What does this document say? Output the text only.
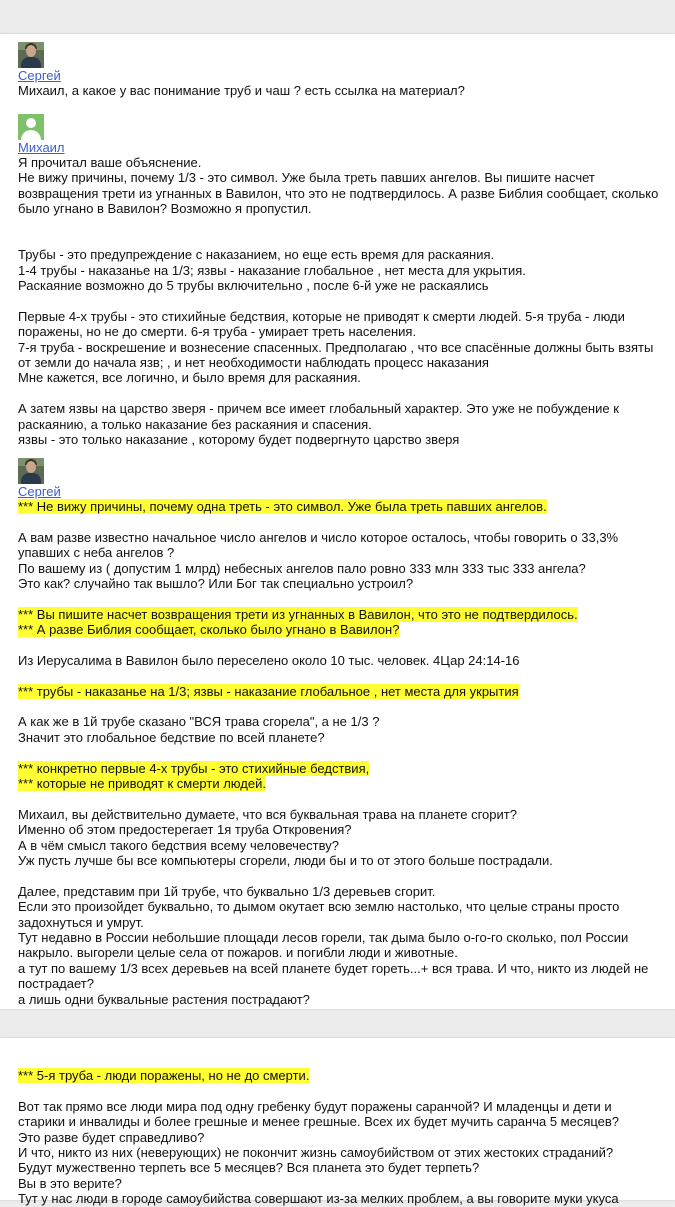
Сергей
Михаил, а какое у вас понимание труб и чаш ? есть ссылка на материал?
Михаил
Я прочитал ваше объяснение.
Не вижу причины, почему 1/3 - это символ. Уже была треть павших ангелов. Вы пишите насчет
возвращения трети из угнанных в Вавилон, что это не подтвердилось. А разве Библия сообщает, сколько
было угнано в Вавилон? Возможно я пропустил.
Трубы - это предупреждение с наказанием, но еще есть время для раскаяния.
1-4 трубы - наказанье на 1/3; язвы - наказание глобальное , нет места для укрытия.
Раскаяние возможно до 5 трубы включительно , после 6-й уже не раскаялись
Первые 4-х трубы - это стихийные бедствия, которые не приводят к смерти людей. 5-я труба - люди
поражены, но не до смерти. 6-я труба - умирает треть населения.
7-я труба - воскрешение и вознесение спасенных. Предполагаю , что все спасённые должны быть взяты
от земли до начала язв; , и нет необходимости наблюдать процесс наказания
Мне кажется, все логично, и было время для раскаяния.
А затем язвы на царство зверя - причем все имеет глобальный характер. Это уже не побуждение к
раскаянию, а только наказание без раскаяния и спасения.
язвы - это только наказание , которому будет подвергнуто царство зверя
Сергей
*** Не вижу причины, почему одна треть - это символ. Уже была треть павших ангелов.
А вам разве известно начальное число ангелов и число которое осталось, чтобы говорить о 33,3%
упавших с неба ангелов ?
По вашему из ( допустим 1 млрд) небесных ангелов пало ровно 333 млн 333 тыс 333 ангела?
Это как? случайно так вышло? Или Бог так специально устроил?
*** Вы пишите насчет возвращения трети из угнанных в Вавилон, что это не подтвердилось.
*** А разве Библия сообщает, сколько было угнано в Вавилон?
Из Иерусалима в Вавилон было переселено около 10 тыс. человек. 4Цар 24:14-16
*** трубы - наказанье на 1/3; язвы - наказание глобальное , нет места для укрытия
А как же в 1й трубе сказано "ВСЯ трава сгорела", а не 1/3 ?
Значит это глобальное бедствие по всей планете?
*** конкретно первые 4-х трубы - это стихийные бедствия,
*** которые не приводят к смерти людей.
Михаил, вы действительно думаете, что вся буквальная трава на планете сгорит?
Именно об этом предостерегает 1я труба Откровения?
А в чём смысл такого бедствия всему человечеству?
Уж пусть лучше бы все компьютеры сгорели, люди бы и то от этого больше пострадали.
Далее, представим при 1й трубе, что буквально 1/3 деревьев сгорит.
Если это произойдет буквально, то дымом окутает всю землю настолько, что целые страны просто
задохнуться и умрут.
Тут недавно в России небольшие площади лесов горели, так дыма было о-го-го сколько, пол России
накрыло. выгорели целые села от пожаров. и погибли люди и животные.
а тут по вашему 1/3 всех деревьев на всей планете будет гореть...+ вся трава. И что, никто из людей не
пострадает?
а лишь одни буквальные растения пострадают?
*** 5-я труба - люди поражены, но не до смерти.
Вот так прямо все люди мира под одну гребенку будут поражены саранчой? И младенцы и дети и
старики и инвалиды и более грешные и менее грешные. Всех их будет мучить саранча 5 месяцев?
Это разве будет справедливо?
И что, никто из них (неверующих) не покончит жизнь самоубийством от этих жестоких страданий?
Будут мужественно терпеть все 5 месяцев? Вся планета это будет терпеть?
Вы в это верите?
Тут у нас люди в городе самоубийства совершают из-за мелких проблем, а вы говорите муки укуса
